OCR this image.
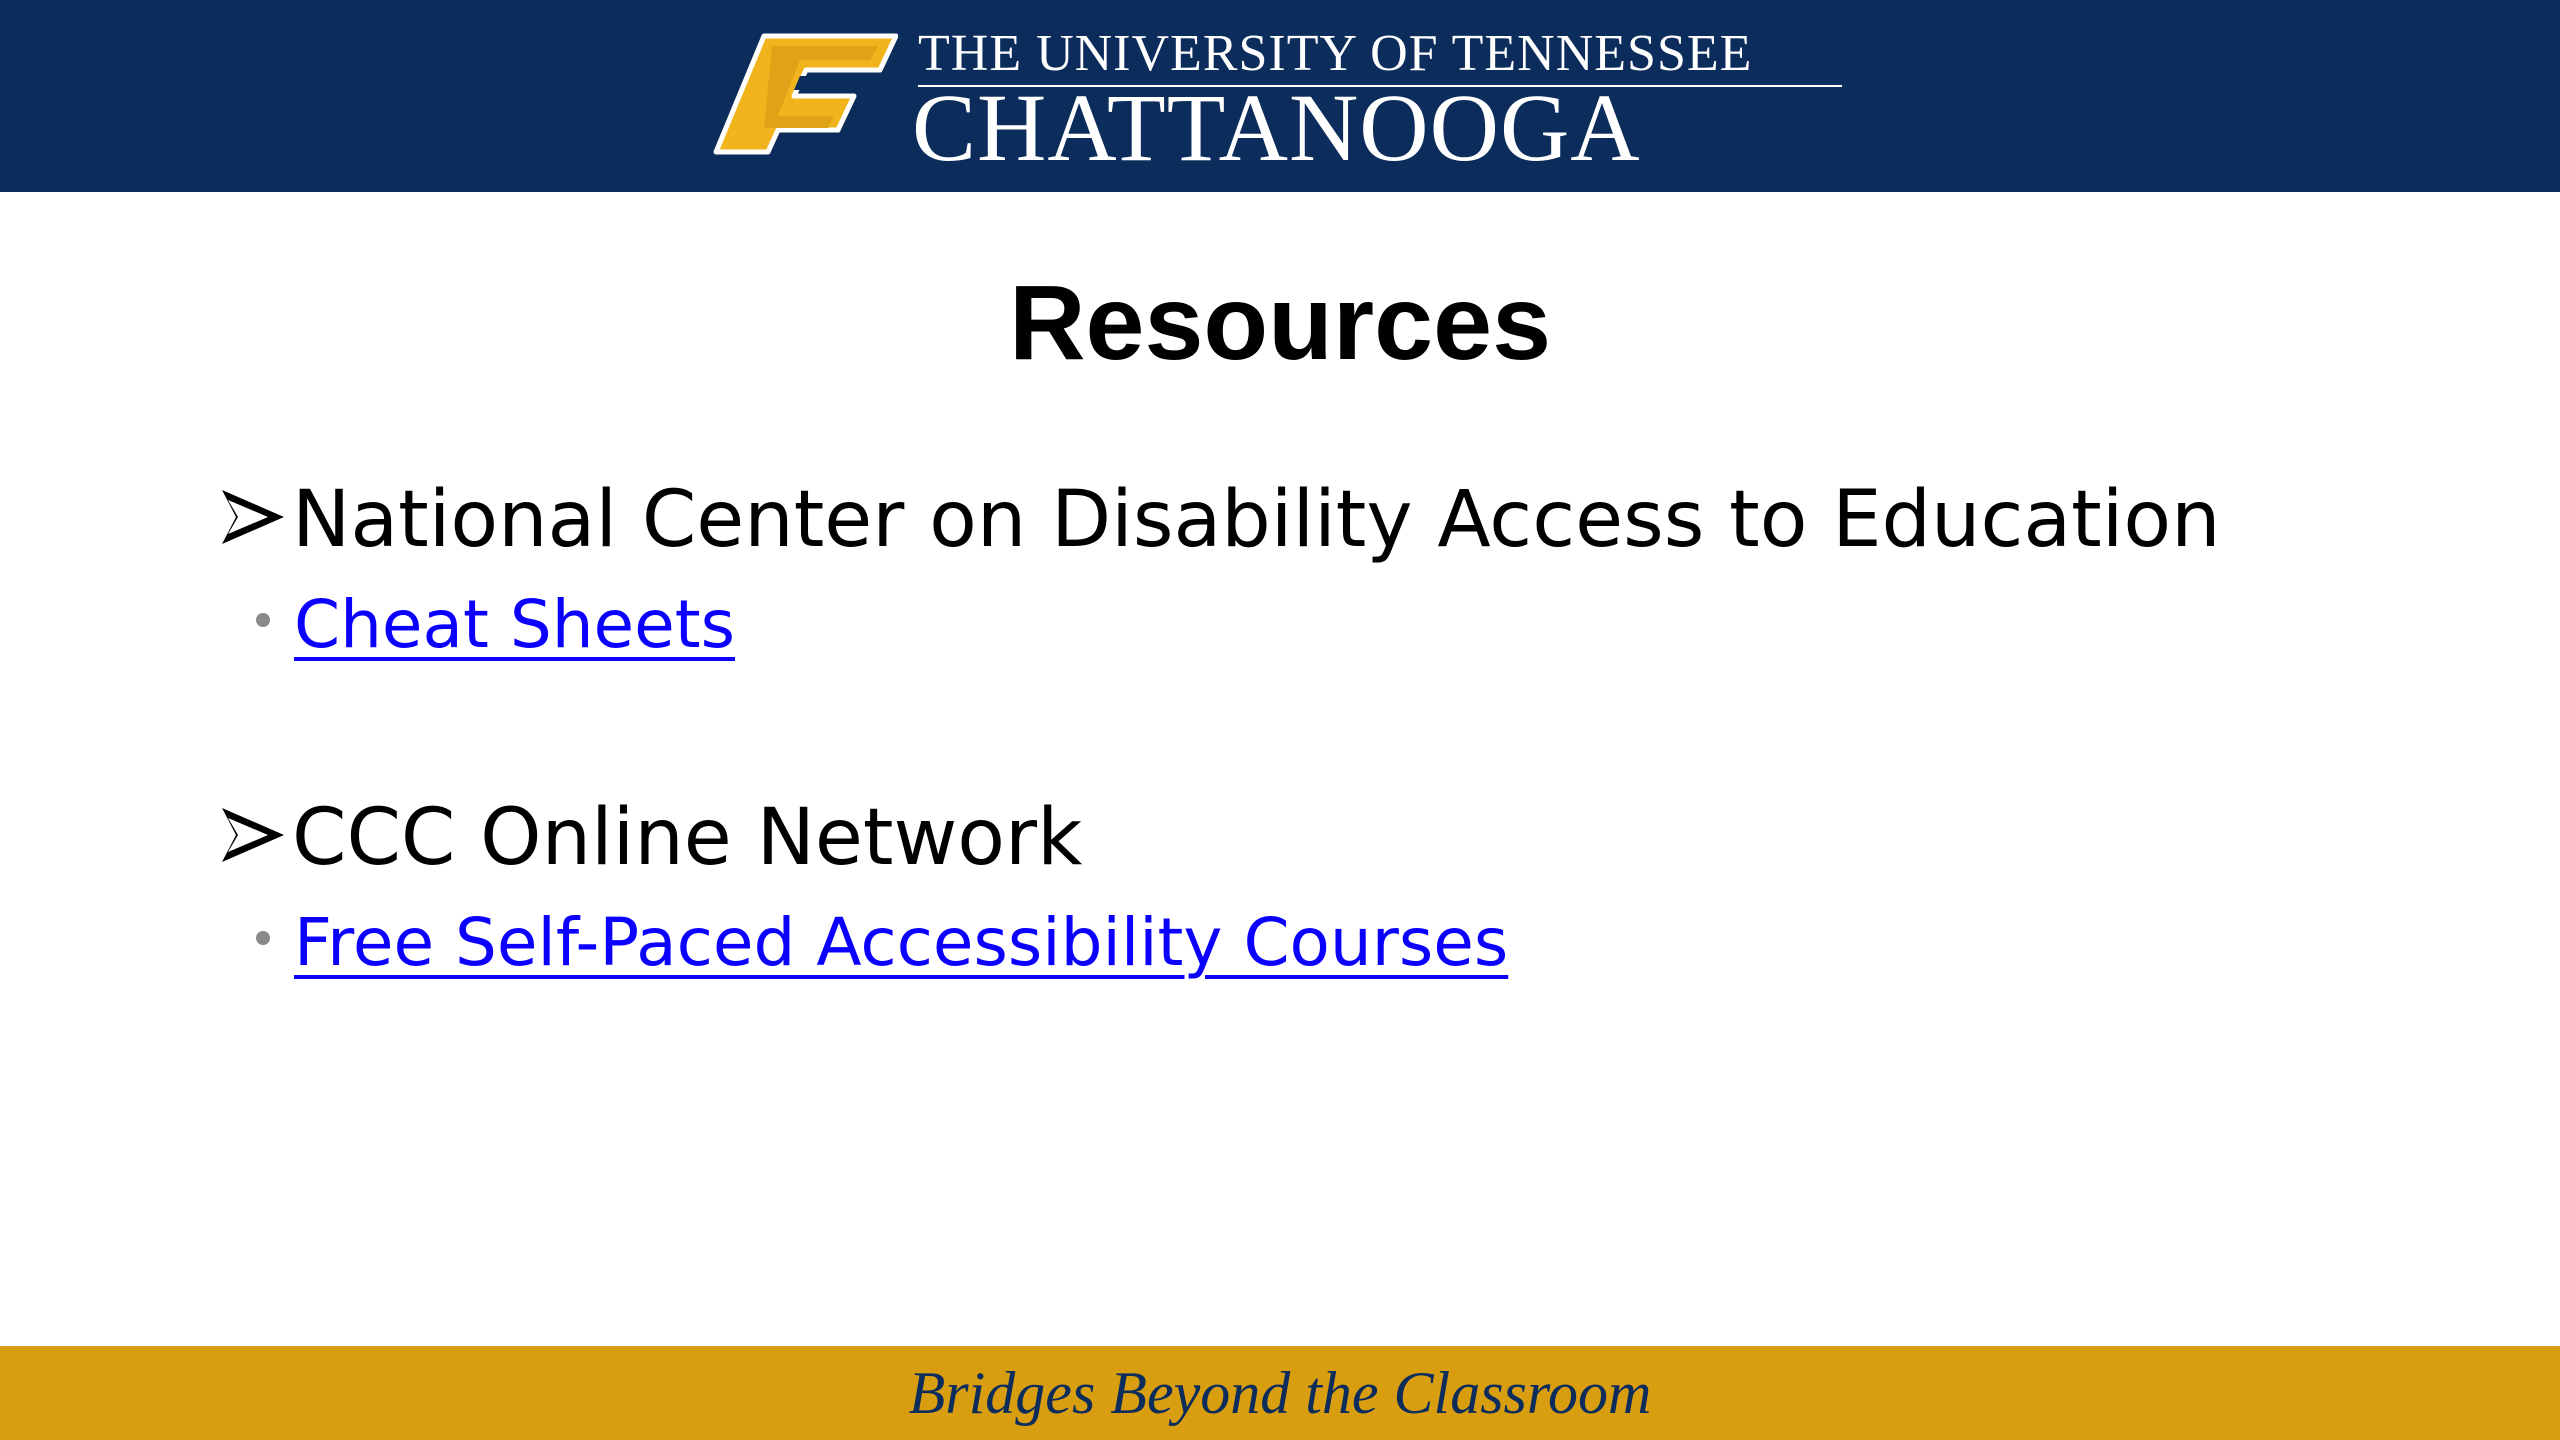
THE UNIVERSITY OF TENNESSEE
CHATTANOOGA
Resources
National Center on Disability Access to Education
Cheat Sheets
CCC Online Network
Free Self-Paced Accessibility Courses
Bridges Beyond the Classroom
